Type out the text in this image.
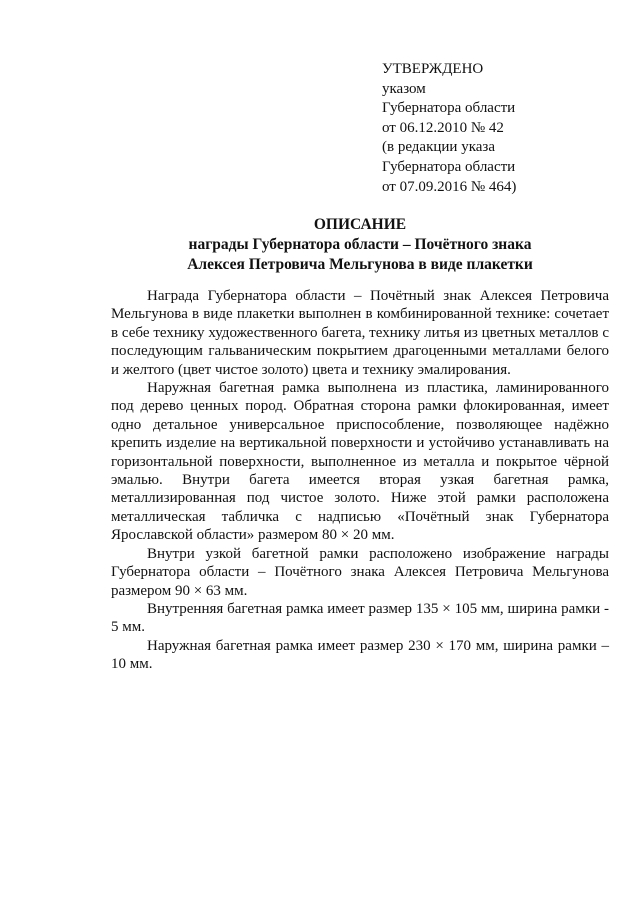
УТВЕРЖДЕНО
указом
Губернатора области
от 06.12.2010 № 42
(в редакции указа
Губернатора области
от 07.09.2016 № 464)
ОПИСАНИЕ
награды Губернатора области – Почётного знака
Алексея Петровича Мельгунова в виде плакетки

Награда Губернатора области – Почётный знак Алексея Петровича Мельгунова в виде плакетки выполнен в комбинированной технике: сочетает в себе технику художественного багета, технику литья из цветных металлов с последующим гальваническим покрытием драгоценными металлами белого и желтого (цвет чистое золото) цвета и технику эмалирования.

Наружная багетная рамка выполнена из пластика, ламинированного под дерево ценных пород. Обратная сторона рамки флокированная, имеет одно детальное универсальное приспособление, позволяющее надёжно крепить изделие на вертикальной поверхности и устойчиво устанавливать на горизонтальной поверхности, выполненное из металла и покрытое чёрной эмалью. Внутри багета имеется вторая узкая багетная рамка, металлизированная под чистое золото. Ниже этой рамки расположена металлическая табличка с надписью «Почётный знак Губернатора Ярославской области» размером 80 × 20 мм.

Внутри узкой багетной рамки расположено изображение награды Губернатора области – Почётного знака Алексея Петровича Мельгунова размером 90 × 63 мм.

Внутренняя багетная рамка имеет размер 135 × 105 мм, ширина рамки - 5 мм.

Наружная багетная рамка имеет размер 230 × 170 мм, ширина рамки – 10 мм.
